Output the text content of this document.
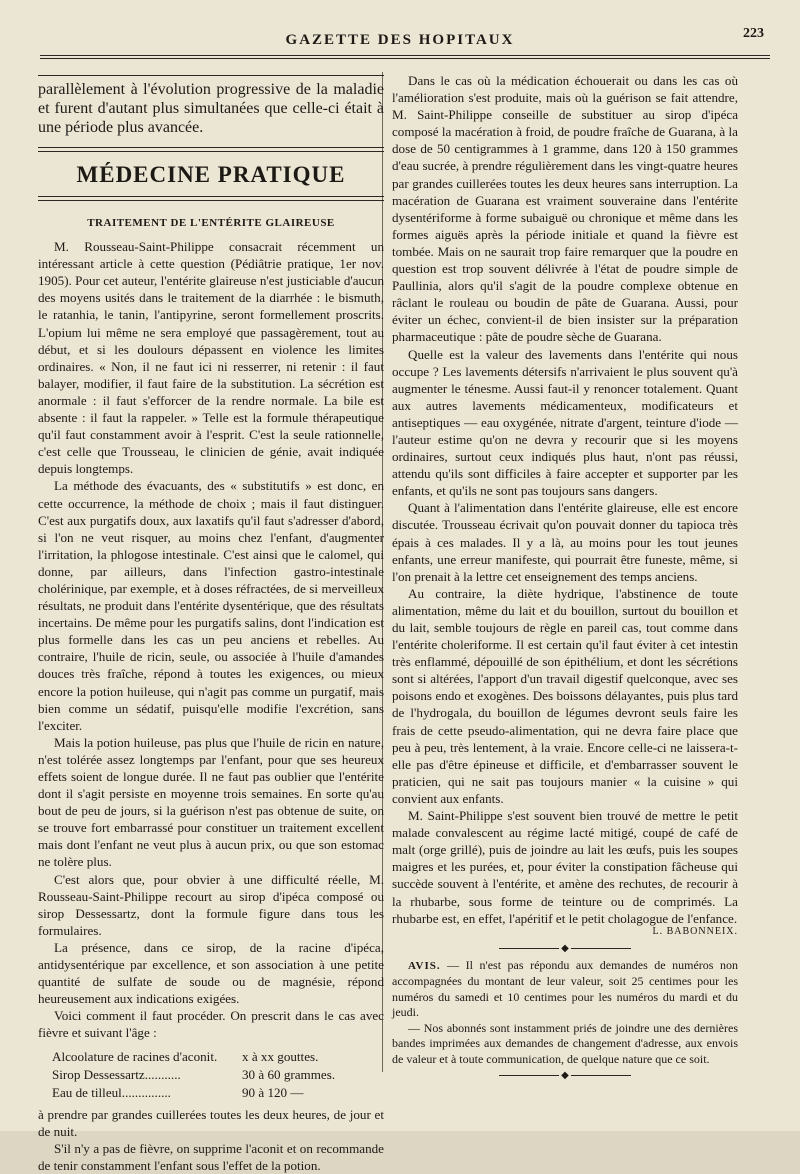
GAZETTE DES HOPITAUX	223

parallèlement à l'évolution progressive de la maladie et furent d'autant plus simultanées que celle-ci était à une période plus avancée.

MÉDECINE PRATIQUE
TRAITEMENT DE L'ENTÉRITE GLAIREUSE

M. Rousseau-Saint-Philippe consacrait récemment un intéressant article à cette question (Pédiâtrie pratique, 1er nov. 1905). Pour cet auteur, l'entérite glaireuse n'est justiciable d'aucun des moyens usités dans le traitement de la diarrhée : le bismuth, le ratanhia, le tanin, l'antipyrine, seront formellement proscrits. L'opium lui même ne sera employé que passagèrement, tout au début, et si les doulours dépassent en violence les limites ordinaires. « Non, il ne faut ici ni resserrer, ni retenir : il faut balayer, modifier, il faut faire de la substitution. La sécrétion est anormale : il faut s'efforcer de la rendre normale. La bile est absente : il faut la rappeler. » Telle est la formule thérapeutique qu'il faut constamment avoir à l'esprit. C'est la seule rationnelle, c'est celle que Trousseau, le clinicien de génie, avait indiquée depuis longtemps.

La méthode des évacuants, des « substitutifs » est donc, en cette occurrence, la méthode de choix ; mais il faut distinguer. C'est aux purgatifs doux, aux laxatifs qu'il faut s'adresser d'abord, si l'on ne veut risquer, au moins chez l'enfant, d'augmenter l'irritation, la phlogose intestinale. C'est ainsi que le calomel, qui donne, par ailleurs, dans l'infection gastro-intestinale cholérinique, par exemple, et à doses réfractées, de si merveilleux résultats, ne produit dans l'entérite dysentérique, que des résultats incertains. De même pour les purgatifs salins, dont l'indication est plus formelle dans les cas un peu anciens et rebelles. Au contraire, l'huile de ricin, seule, ou associée à l'huile d'amandes douces très fraîche, répond à toutes les exigences, ou mieux encore la potion huileuse, qui n'agit pas comme un purgatif, mais bien comme un sédatif, puisqu'elle modifie l'excrétion, sans l'exciter.

Mais la potion huileuse, pas plus que l'huile de ricin en nature, n'est tolérée assez longtemps par l'enfant, pour que ses heureux effets soient de longue durée. Il ne faut pas oublier que l'entérite dont il s'agit persiste en moyenne trois semaines. En sorte qu'au bout de peu de jours, si la guérison n'est pas obtenue de suite, on se trouve fort embarrassé pour constituer un traitement excellent mais dont l'enfant ne veut plus à aucun prix, ou que son estomac ne tolère plus.

C'est alors que, pour obvier à une difficulté réelle, M. Rousseau-Saint-Philippe recourt au sirop d'ipéca composé ou sirop Dessessartz, dont la formule figure dans tous les formulaires.

La présence, dans ce sirop, de la racine d'ipéca, antidysentérique par excellence, et son association à une petite quantité de sulfate de soude ou de magnésie, répond heureusement aux indications exigées.

Voici comment il faut procéder. On prescrit dans le cas avec fièvre et suivant l'âge :

Alcoolature de racines d'aconit.	x à xx gouttes.
Sirop Dessessartz...........	30 à 60 grammes.
Eau de tilleul...............	90 à 120 —

à prendre par grandes cuillerées toutes les deux heures, de jour et de nuit.

S'il n'y a pas de fièvre, on supprime l'aconit et on recommande de tenir constamment l'enfant sous l'effet de la potion.

Dans le cas où la médication échouerait ou dans les cas où l'amélioration s'est produite, mais où la guérison se fait attendre, M. Saint-Philippe conseille de substituer au sirop d'ipéca composé la macération à froid, de poudre fraîche de Guarana, à la dose de 50 centigrammes à 1 gramme, dans 120 à 150 grammes d'eau sucrée, à prendre régulièrement dans les vingt-quatre heures par grandes cuillerées toutes les deux heures sans interruption. La macération de Guarana est vraiment souveraine dans l'entérite dysentériforme à forme subaiguë ou chronique et même dans les formes aiguës après la période initiale et quand la fièvre est tombée. Mais on ne saurait trop faire remarquer que la poudre en question est trop souvent délivrée à l'état de poudre simple de Paullinia, alors qu'il s'agit de la poudre complexe obtenue en râclant le rouleau ou boudin de pâte de Guarana. Aussi, pour éviter un échec, convient-il de bien insister sur la préparation pharmaceutique : pâte de poudre sèche de Guarana.

Quelle est la valeur des lavements dans l'entérite qui nous occupe ? Les lavements détersifs n'arrivaient le plus souvent qu'à augmenter le ténesme. Aussi faut-il y renoncer totalement. Quant aux autres lavements médicamenteux, modificateurs et antiseptiques — eau oxygénée, nitrate d'argent, teinture d'iode — l'auteur estime qu'on ne devra y recourir que si les moyens ordinaires, surtout ceux indiqués plus haut, n'ont pas réussi, attendu qu'ils sont difficiles à faire accepter et supporter par les enfants, et qu'ils ne sont pas toujours sans dangers.

Quant à l'alimentation dans l'entérite glaireuse, elle est encore discutée. Trousseau écrivait qu'on pouvait donner du tapioca très épais à ces malades. Il y a là, au moins pour les tout jeunes enfants, une erreur manifeste, qui pourrait être funeste, même, si l'on prenait à la lettre cet enseignement des temps anciens.

Au contraire, la diète hydrique, l'abstinence de toute alimentation, même du lait et du bouillon, surtout du bouillon et du lait, semble toujours de règle en pareil cas, tout comme dans l'entérite choleriforme. Il est certain qu'il faut éviter à cet intestin très enflammé, dépouillé de son épithélium, et dont les sécrétions sont si altérées, l'apport d'un travail digestif quelconque, avec ses poisons endo et exogènes. Des boissons délayantes, puis plus tard de l'hydrogala, du bouillon de légumes devront seuls faire les frais de cette pseudo-alimentation, qui ne devra faire place que peu à peu, très lentement, à la vraie. Encore celle-ci ne laissera-t-elle pas d'être épineuse et difficile, et d'embarrasser souvent le praticien, qui ne sait pas toujours manier « la cuisine » qui convient aux enfants.

M. Saint-Philippe s'est souvent bien trouvé de mettre le petit malade convalescent au régime lacté mitigé, coupé de café de malt (orge grillé), puis de joindre au lait les œufs, puis les soupes maigres et les purées, et, pour éviter la constipation fâcheuse qui succède souvent à l'entérite, et amène des rechutes, de recourir à la rhubarbe, sous forme de teinture ou de comprimés. La rhubarbe est, en effet, l'apéritif et le petit cholagogue de l'enfance.

L. BABONNEIX.
◆

AVIS. — Il n'est pas répondu aux demandes de numéros non accompagnées du montant de leur valeur, soit 25 centimes pour les numéros du samedi et 10 centimes pour les numéros du mardi et du jeudi.

— Nos abonnés sont instamment priés de joindre une des dernières bandes imprimées aux demandes de changement d'adresse, aux envois de valeur et à toute communication, de quelque nature que ce soit.

◆
